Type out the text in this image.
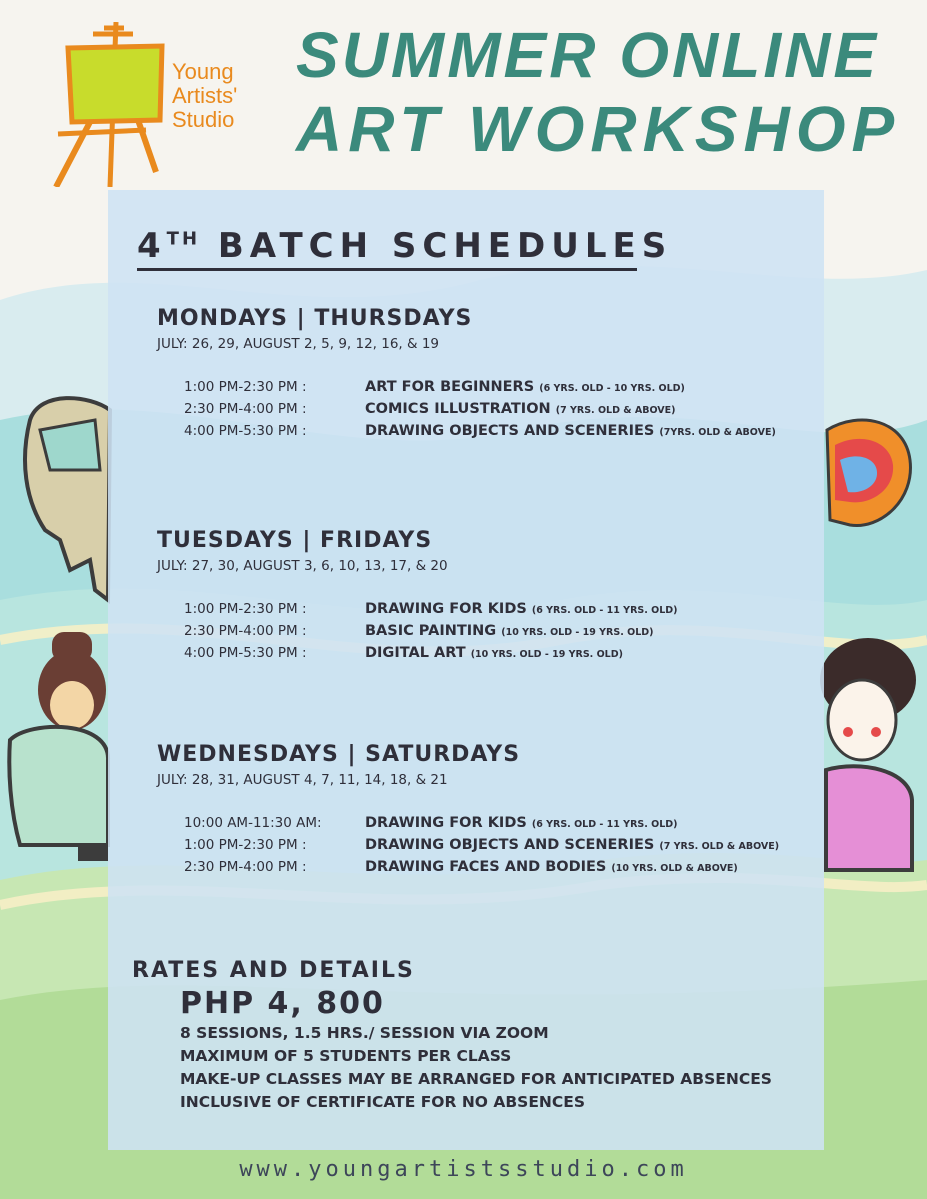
Young
Artists'
Studio
SUMMER ONLINE
ART WORKSHOP
4TH BATCH SCHEDULES
MONDAYS | THURSDAYS
JULY: 26, 29, AUGUST 2, 5, 9, 12, 16, & 19
1:00 PM-2:30 PM :	ART FOR BEGINNERS (6 YRS. OLD - 10 YRS. OLD)
2:30 PM-4:00 PM :	COMICS ILLUSTRATION (7 YRS. OLD & ABOVE)
4:00 PM-5:30 PM :	DRAWING OBJECTS AND SCENERIES (7YRS. OLD & ABOVE)
TUESDAYS | FRIDAYS
JULY: 27, 30, AUGUST 3, 6, 10, 13, 17, & 20
1:00 PM-2:30 PM :	DRAWING FOR KIDS (6 YRS. OLD - 11 YRS. OLD)
2:30 PM-4:00 PM :	BASIC PAINTING (10 YRS. OLD - 19 YRS. OLD)
4:00 PM-5:30 PM :	DIGITAL ART (10 YRS. OLD - 19 YRS. OLD)
WEDNESDAYS | SATURDAYS
JULY: 28, 31, AUGUST 4, 7, 11, 14, 18, & 21
10:00 AM-11:30 AM:	DRAWING FOR KIDS (6 YRS. OLD - 11 YRS. OLD)
1:00 PM-2:30 PM :	DRAWING OBJECTS AND SCENERIES (7 YRS. OLD & ABOVE)
2:30 PM-4:00 PM :	DRAWING FACES AND BODIES (10 YRS. OLD & ABOVE)
RATES AND DETAILS
PHP 4, 800
8 SESSIONS, 1.5 HRS./ SESSION VIA ZOOM
MAXIMUM OF 5 STUDENTS PER CLASS
MAKE-UP CLASSES MAY BE ARRANGED FOR ANTICIPATED ABSENCES
INCLUSIVE OF CERTIFICATE FOR NO ABSENCES
www.youngartistsstudio.com
